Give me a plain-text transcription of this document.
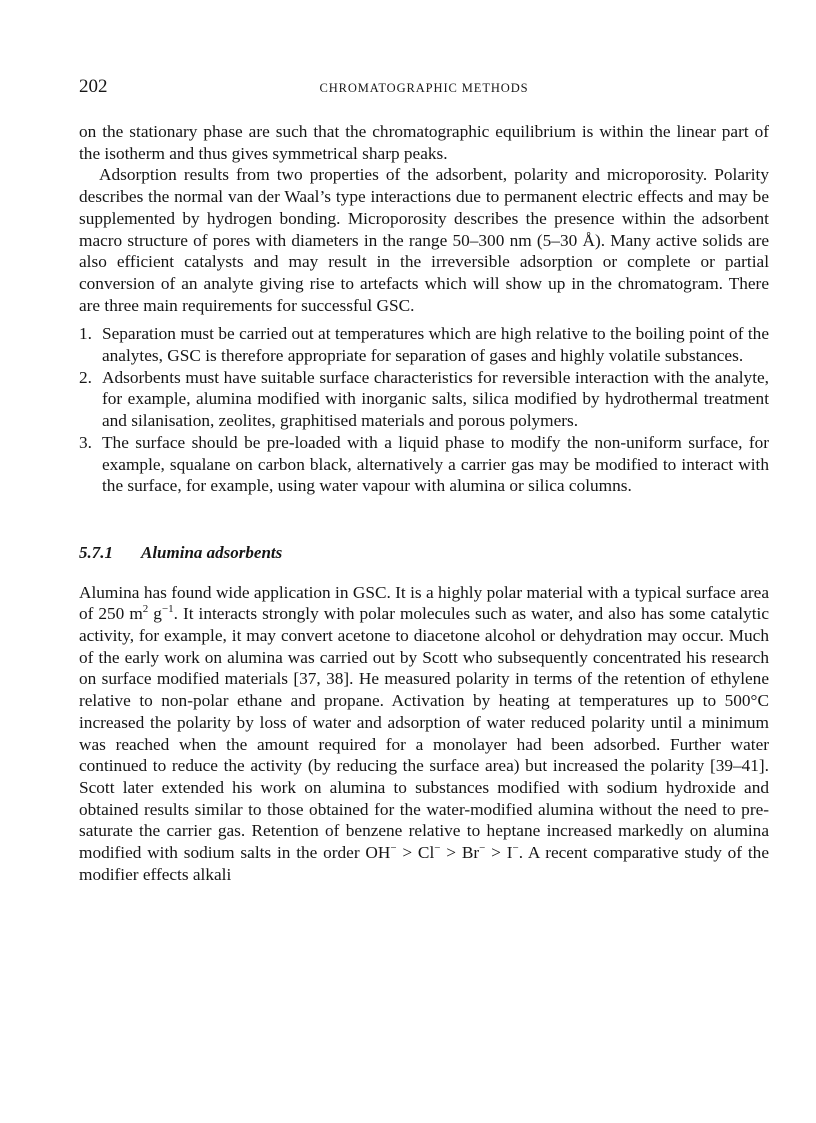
202	CHROMATOGRAPHIC METHODS

on the stationary phase are such that the chromatographic equilibrium is within the linear part of the isotherm and thus gives symmetrical sharp peaks.

Adsorption results from two properties of the adsorbent, polarity and microporosity. Polarity describes the normal van der Waal’s type interactions due to permanent electric effects and may be supplemented by hydrogen bonding. Microporosity describes the presence within the adsorbent macro structure of pores with diameters in the range 50–300 nm (5–30 Å). Many active solids are also efficient catalysts and may result in the irreversible adsorption or complete or partial conversion of an analyte giving rise to artefacts which will show up in the chromatogram. There are three main requirements for successful GSC.

1. Separation must be carried out at temperatures which are high relative to the boiling point of the analytes, GSC is therefore appropriate for separation of gases and highly volatile substances.
2. Adsorbents must have suitable surface characteristics for reversible interaction with the analyte, for example, alumina modified with inorganic salts, silica modified by hydrothermal treatment and silanisation, zeolites, graphitised materials and porous polymers.
3. The surface should be pre-loaded with a liquid phase to modify the non-uniform surface, for example, squalane on carbon black, alternatively a carrier gas may be modified to interact with the surface, for example, using water vapour with alumina or silica columns.
5.7.1 Alumina adsorbents

Alumina has found wide application in GSC. It is a highly polar material with a typical surface area of 250 $m^2$ $g^{-1}$. It interacts strongly with polar molecules such as water, and also has some catalytic activity, for example, it may convert acetone to diacetone alcohol or dehydration may occur. Much of the early work on alumina was carried out by Scott who subsequently concentrated his research on surface modified materials [37, 38]. He measured polarity in terms of the retention of ethylene relative to non-polar ethane and propane. Activation by heating at temperatures up to 500°C increased the polarity by loss of water and adsorption of water reduced polarity until a minimum was reached when the amount required for a monolayer had been adsorbed. Further water continued to reduce the activity (by reducing the surface area) but increased the polarity [39–41]. Scott later extended his work on alumina to substances modified with sodium hydroxide and obtained results similar to those obtained for the water-modified alumina without the need to pre-saturate the carrier gas. Retention of benzene relative to heptane increased markedly on alumina modified with sodium salts in the order OH− > Cl− > Br− > I−. A recent comparative study of the modifier effects alkali
